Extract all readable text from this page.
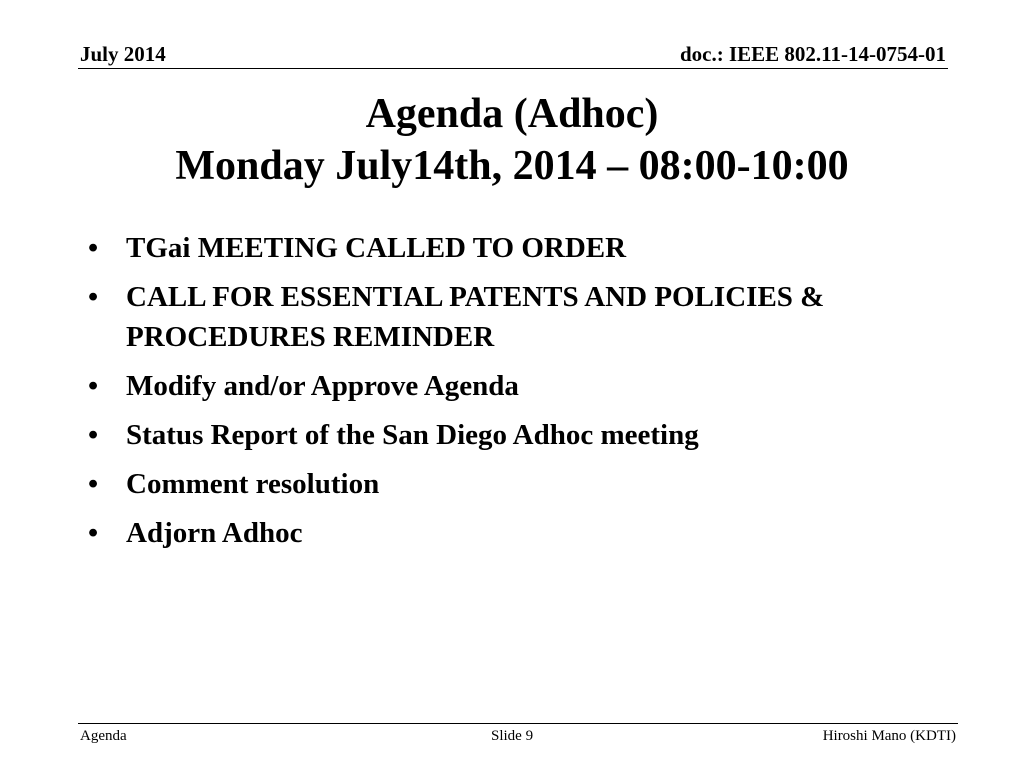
July 2014	doc.: IEEE 802.11-14-0754-01
Agenda (Adhoc)
Monday July14th, 2014 – 08:00-10:00
• TGai MEETING CALLED TO ORDER
• CALL FOR ESSENTIAL PATENTS AND POLICIES & PROCEDURES REMINDER
• Modify and/or Approve Agenda
• Status Report of the San Diego Adhoc meeting
• Comment resolution
• Adjorn Adhoc
Agenda	Slide 9	Hiroshi Mano (KDTI)
